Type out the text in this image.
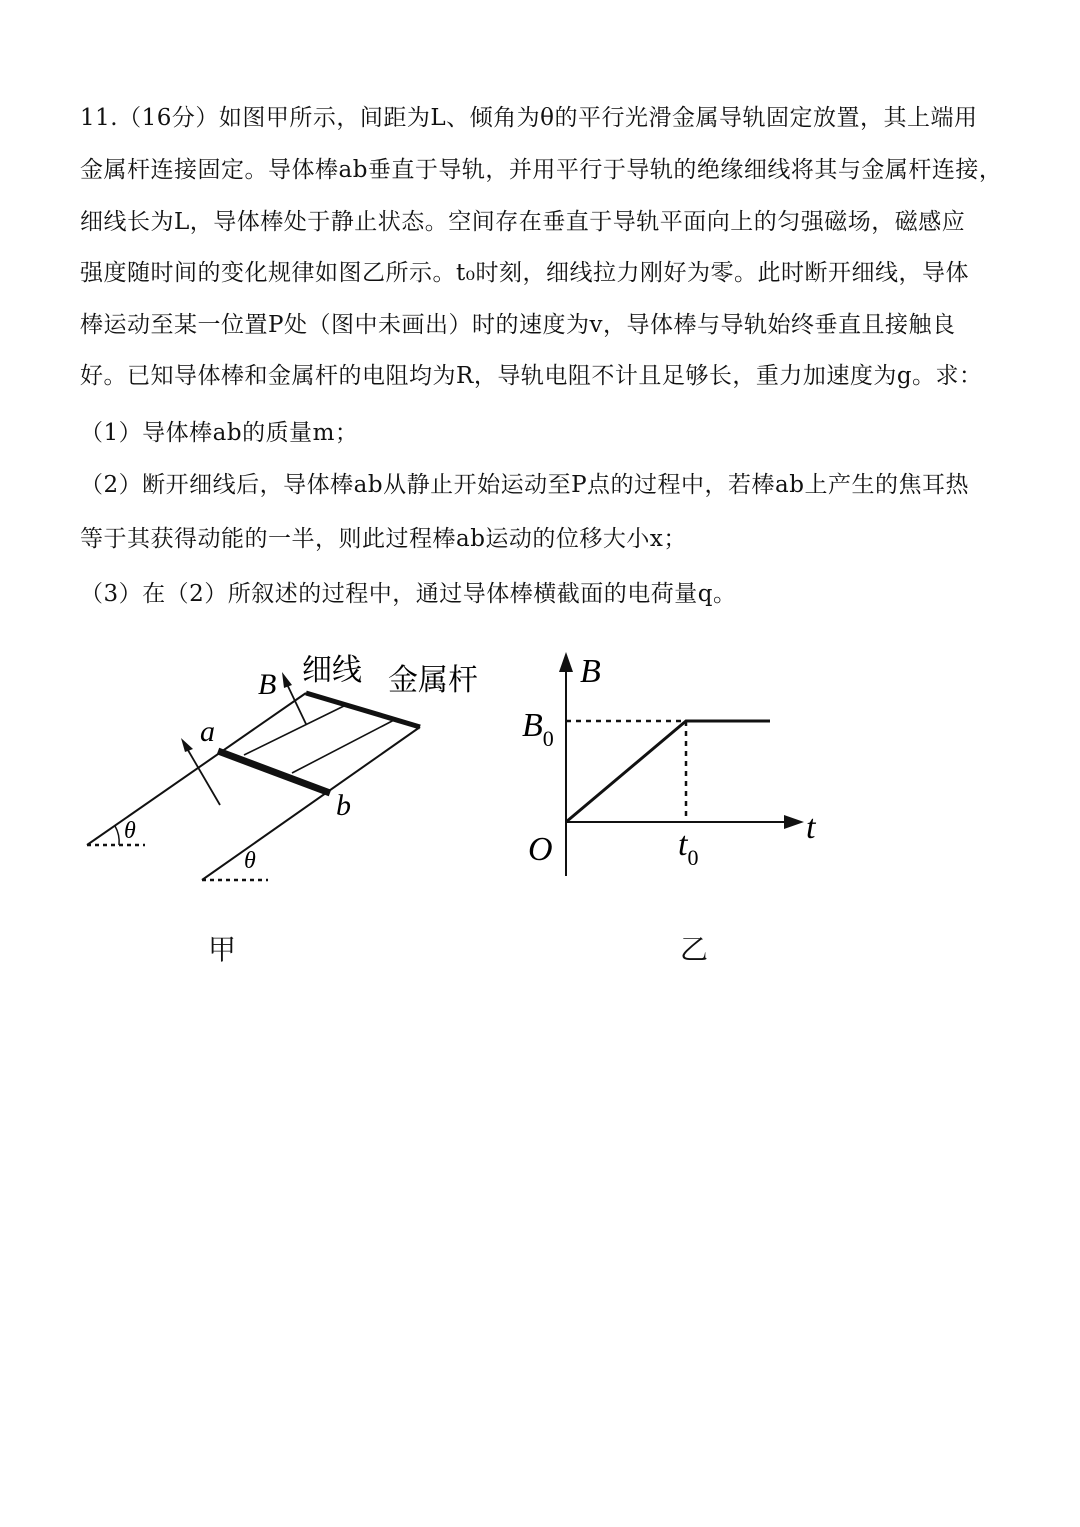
11.（16分）如图甲所示，间距为L、倾角为θ的平行光滑金属导轨固定放置，其上端用
金属杆连接固定。导体棒ab垂直于导轨，并用平行于导轨的绝缘细线将其与金属杆连接，
细线长为L，导体棒处于静止状态。空间存在垂直于导轨平面向上的匀强磁场，磁感应
强度随时间的变化规律如图乙所示。t₀时刻，细线拉力刚好为零。此时断开细线，导体
棒运动至某一位置P处（图中未画出）时的速度为v，导体棒与导轨始终垂直且接触良
好。已知导体棒和金属杆的电阻均为R，导轨电阻不计且足够长，重力加速度为g。求：
（1）导体棒ab的质量m；
（2）断开细线后，导体棒ab从静止开始运动至P点的过程中，若棒ab上产生的焦耳热
等于其获得动能的一半，则此过程棒ab运动的位移大小x；
（3）在（2）所叙述的过程中，通过导体棒横截面的电荷量q。
B 细线 金属杆
a
b
θ
θ
甲
B
$B_0$
O
t
$t_0$
乙
